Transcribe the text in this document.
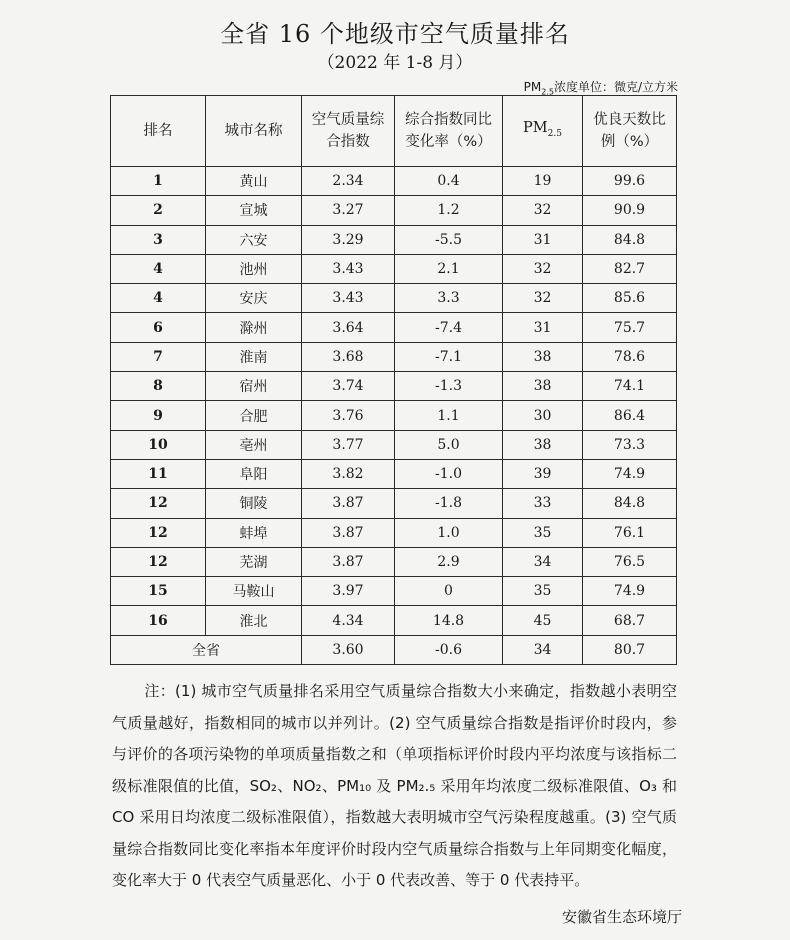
全省 16 个地级市空气质量排名
（2022 年 1-8 月）
$PM_{2.5}$浓度单位：微克/立方米
排名	城市名称	空气质量综合指数	综合指数同比变化率（%）	$PM_{2.5}$	优良天数比例（%）

1	黄山	2.34	0.4	19	99.6
2	宣城	3.27	1.2	32	90.9
3	六安	3.29	-5.5	31	84.8
4	池州	3.43	2.1	32	82.7
4	安庆	3.43	3.3	32	85.6
6	滁州	3.64	-7.4	31	75.7
7	淮南	3.68	-7.1	38	78.6
8	宿州	3.74	-1.3	38	74.1
9	合肥	3.76	1.1	30	86.4
10	亳州	3.77	5.0	38	73.3
11	阜阳	3.82	-1.0	39	74.9
12	铜陵	3.87	-1.8	33	84.8
12	蚌埠	3.87	1.0	35	76.1
12	芜湖	3.87	2.9	34	76.5
15	马鞍山	3.97	0	35	74.9
16	淮北	4.34	14.8	45	68.7
全省		3.60	-0.6	34	80.7
注：(1) 城市空气质量排名采用空气质量综合指数大小来确定，指数越小表明空气质量越好，指数相同的城市以并列计。(2) 空气质量综合指数是指评价时段内，参与评价的各项污染物的单项质量指数之和（单项指标评价时段内平均浓度与该指标二级标准限值的比值，SO₂、NO₂、PM₁₀ 及 PM₂.₅ 采用年均浓度二级标准限值、O₃ 和 CO 采用日均浓度二级标准限值），指数越大表明城市空气污染程度越重。(3) 空气质量综合指数同比变化率指本年度评价时段内空气质量综合指数与上年同期变化幅度，变化率大于 0 代表空气质量恶化、小于 0 代表改善、等于 0 代表持平。
安徽省生态环境厅
